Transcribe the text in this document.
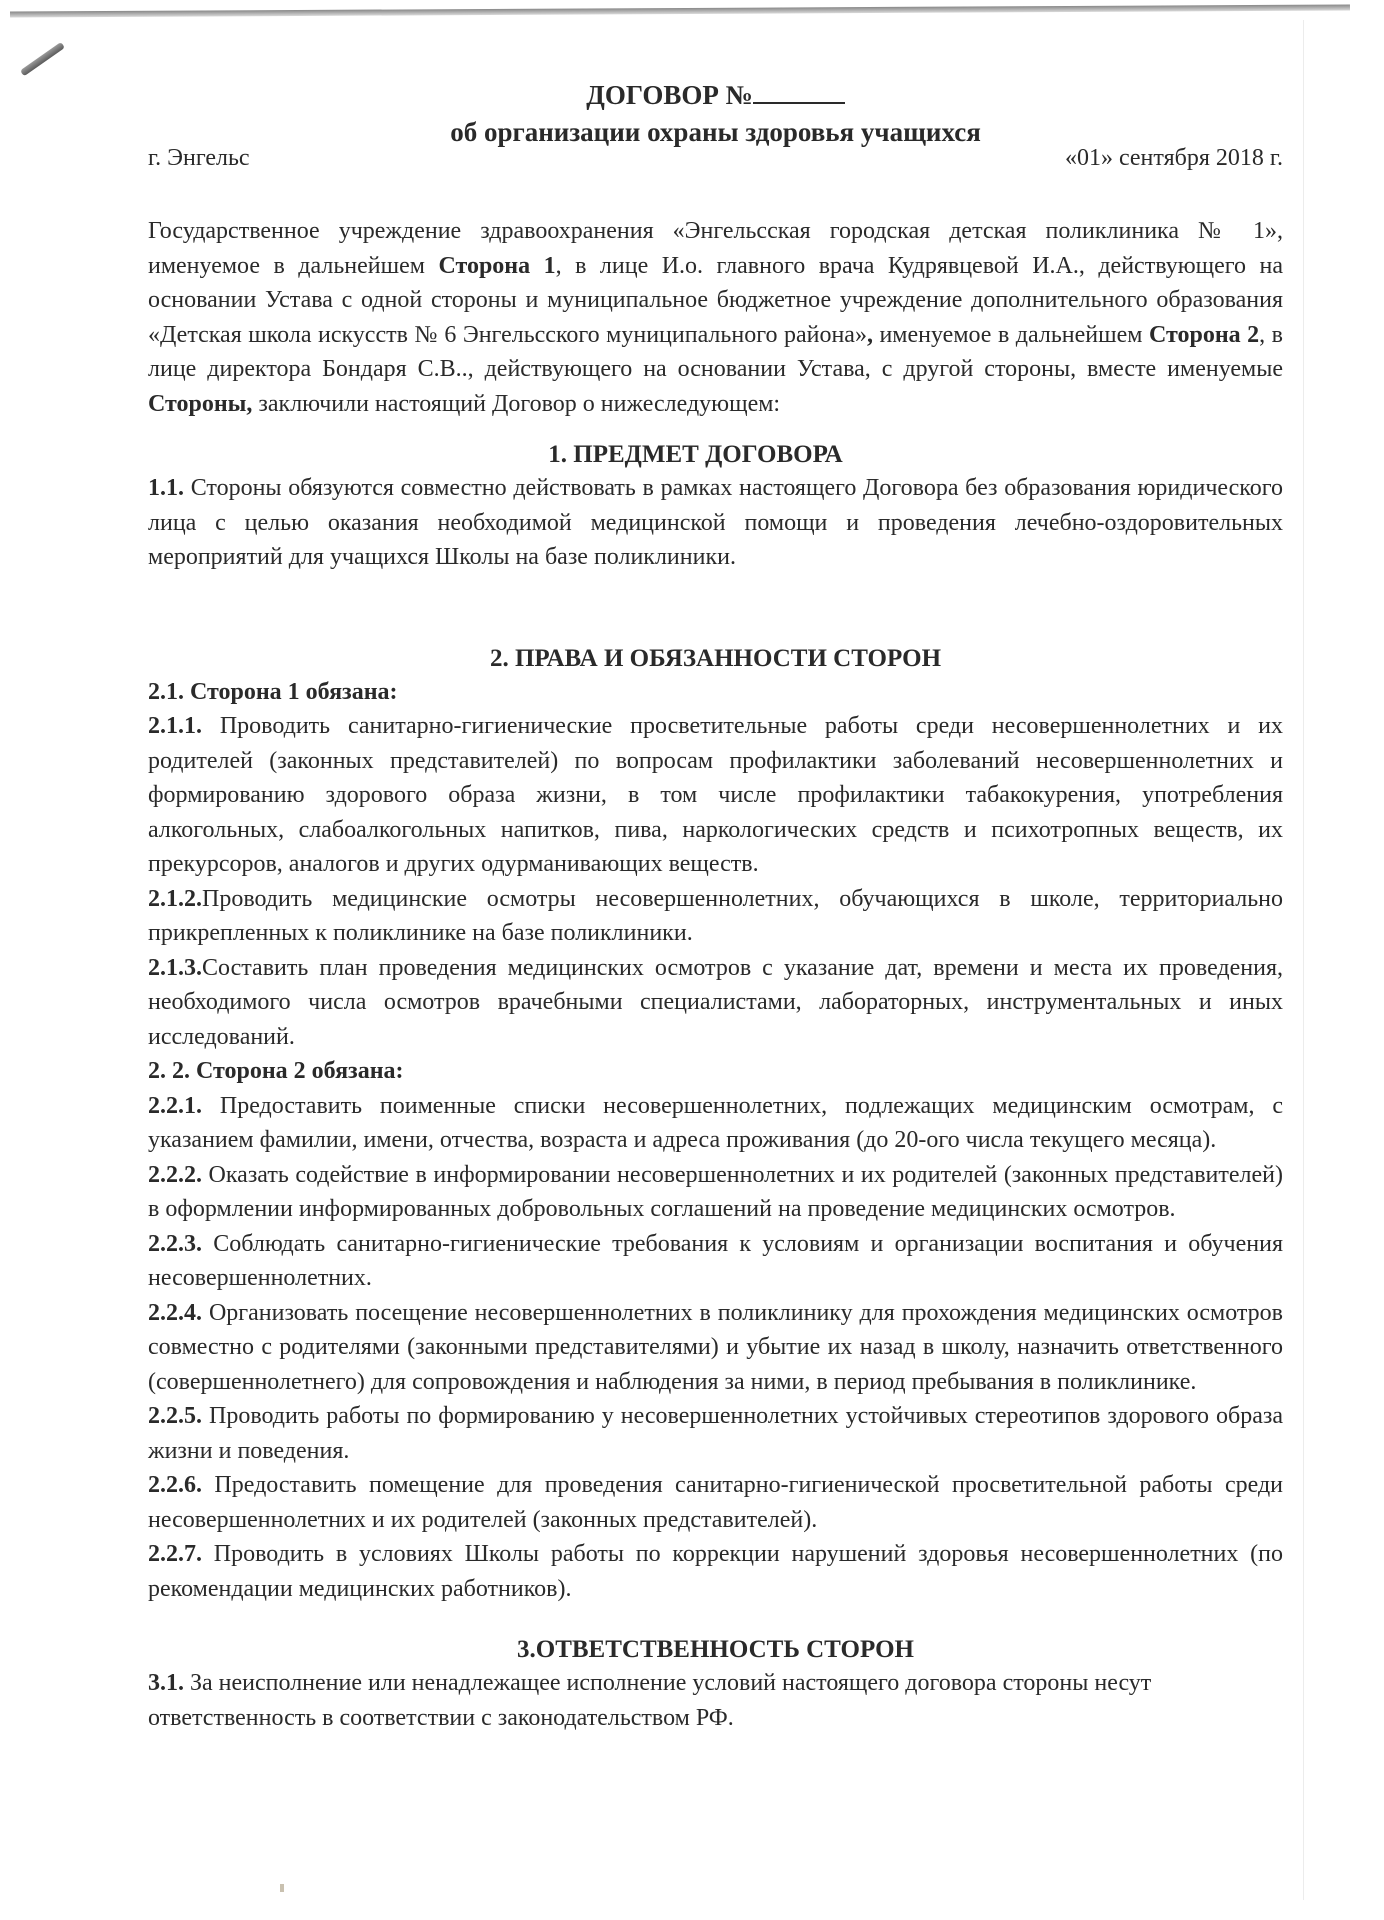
ДОГОВОР №
об организации охраны здоровья учащихся
г. Энгельс	«01» сентября 2018 г.

Государственное учреждение здравоохранения «Энгельсская городская детская поликлиника № 1», именуемое в дальнейшем Сторона 1, в лице И.о. главного врача Кудрявцевой И.А., действующего на основании Устава с одной стороны и муниципальное бюджетное учреждение дополнительного образования «Детская школа искусств № 6 Энгельсского муниципального района», именуемое в дальнейшем Сторона 2, в лице директора Бондаря С.В.., действующего на основании Устава, с другой стороны, вместе именуемые Стороны, заключили настоящий Договор о нижеследующем:

1. ПРЕДМЕТ ДОГОВОРА

1.1. Стороны обязуются совместно действовать в рамках настоящего Договора без образования юридического лица с целью оказания необходимой медицинской помощи и проведения лечебно-оздоровительных мероприятий для учащихся Школы на базе поликлиники.

2. ПРАВА И ОБЯЗАННОСТИ СТОРОН

2.1. Сторона 1 обязана:

2.1.1. Проводить санитарно-гигиенические просветительные работы среди несовершеннолетних и их родителей (законных представителей) по вопросам профилактики заболеваний несовершеннолетних и формированию здорового образа жизни, в том числе профилактики табакокурения, употребления алкогольных, слабоалкогольных напитков, пива, наркологических средств и психотропных веществ, их прекурсоров, аналогов и других одурманивающих веществ.

2.1.2.Проводить медицинские осмотры несовершеннолетних, обучающихся в школе, территориально прикрепленных к поликлинике на базе поликлиники.

2.1.3.Составить план проведения медицинских осмотров с указание дат, времени и места их проведения, необходимого числа осмотров врачебными специалистами, лабораторных, инструментальных и иных исследований.

2. 2. Сторона 2 обязана:

2.2.1. Предоставить поименные списки несовершеннолетних, подлежащих медицинским осмотрам, с указанием фамилии, имени, отчества, возраста и адреса проживания (до 20-ого числа текущего месяца).

2.2.2. Оказать содействие в информировании несовершеннолетних и их родителей (законных представителей) в оформлении информированных добровольных соглашений на проведение медицинских осмотров.

2.2.3. Соблюдать санитарно-гигиенические требования к условиям и организации воспитания и обучения несовершеннолетних.

2.2.4. Организовать посещение несовершеннолетних в поликлинику для прохождения медицинских осмотров совместно с родителями (законными представителями) и убытие их назад в школу, назначить ответственного (совершеннолетнего) для сопровождения и наблюдения за ними, в период пребывания в поликлинике.

2.2.5. Проводить работы по формированию у несовершеннолетних устойчивых стереотипов здорового образа жизни и поведения.

2.2.6. Предоставить помещение для проведения санитарно-гигиенической просветительной работы среди несовершеннолетних и их родителей (законных представителей).

2.2.7. Проводить в условиях Школы работы по коррекции нарушений здоровья несовершеннолетних (по рекомендации медицинских работников).

3.ОТВЕТСТВЕННОСТЬ СТОРОН

3.1. За неисполнение или ненадлежащее исполнение условий настоящего договора стороны несут ответственность в соответствии с законодательством РФ.
